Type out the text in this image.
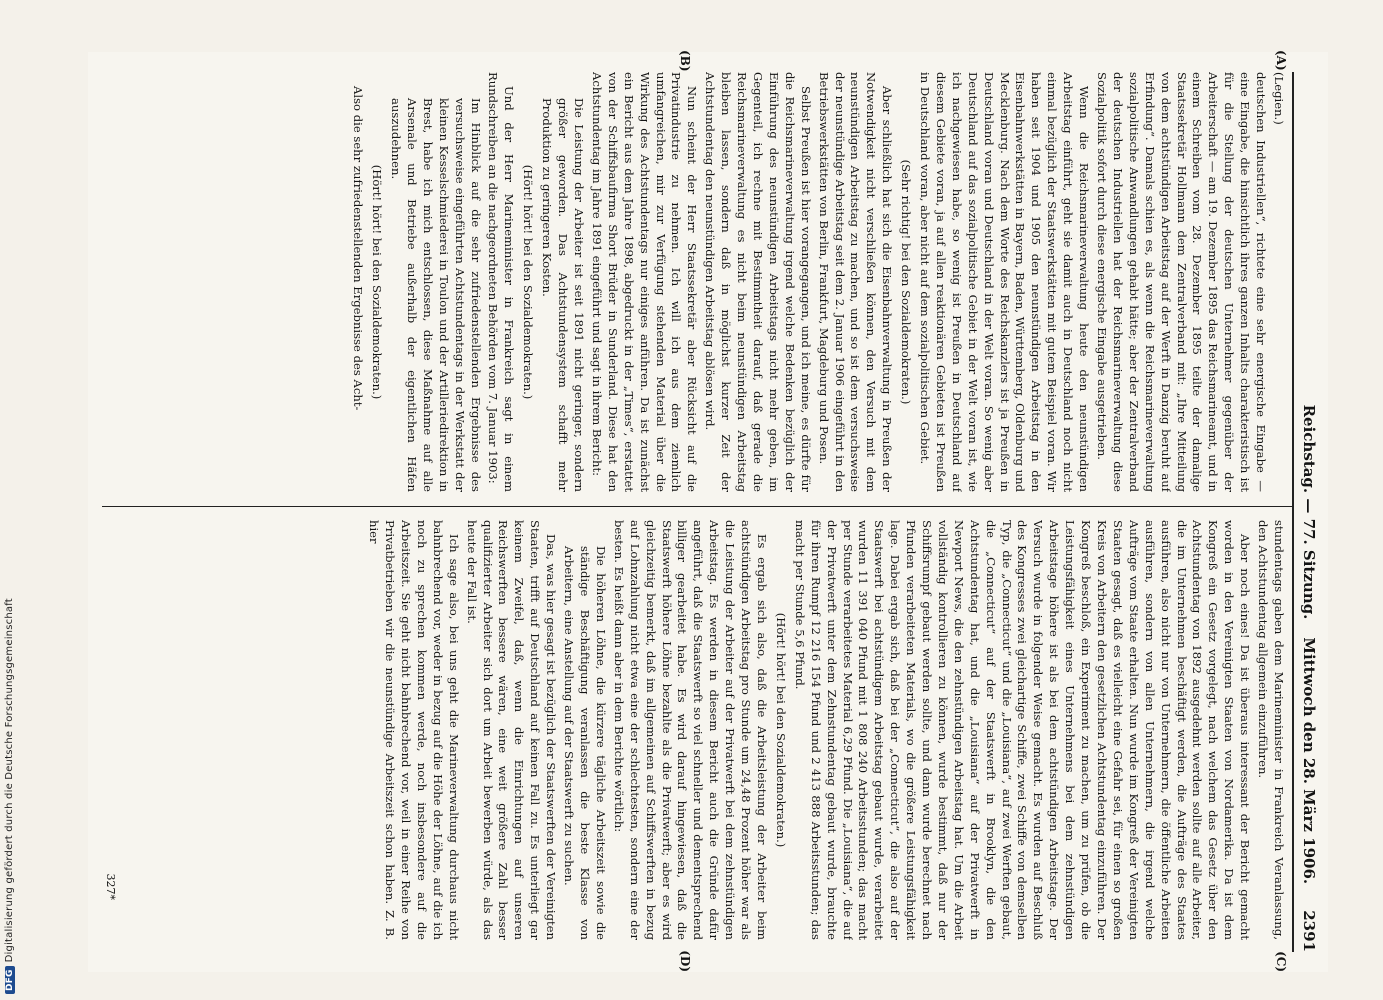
DFGDigitalisierung gefördert durch die Deutsche Forschungsgemeinschaft
Reichstag. — 77. Sitzung.
Mittwoch den 28. März 1906.     2391

(Legien.)

deutschen Industriellen“, richtete eine sehr energische Eingabe — eine Eingabe, die hinsichtlich ihres ganzen Inhalts charakteristisch ist für die Stellung der deutschen Unternehmer gegenüber der Arbeiterschaft — am 19. Dezember 1895 das Reichsmarineamt, und in einem Schreiben vom 28. Dezember 1895 teilte der damalige Staatssekretär Hollmann dem Zentralverband mit: „Ihre Mitteilung von dem achtstündigen Arbeitstag auf der Werft in Danzig beruht auf Erfindung“. Damals schien es, als wenn die Reichsmarineverwaltung sozialpolitische Anwandlungen gehabt hätte; aber der Zentralverband der deutschen Industriellen hat der Reichsmarineverwaltung diese Sozialpolitik sofort durch diese energische Eingabe ausgetrieben.

Wenn die Reichsmarineverwaltung heute den neunstündigen Arbeitstag einführt, geht sie damit auch in Deutschland noch nicht einmal bezüglich der Staatswerkstätten mit gutem Beispiel voran. Wir haben seit 1904 und 1905 den neunstündigen Arbeitstag in den Eisenbahnwerkstätten in Bayern, Baden, Württemberg, Oldenburg und Mecklenburg. Nach dem Worte des Reichskanzlers ist ja Preußen in Deutschland voran und Deutschland in der Welt voran. So wenig aber Deutschland auf das sozialpolitische Gebiet in der Welt voran ist, wie ich nachgewiesen habe, so wenig ist Preußen in Deutschland auf diesem Gebiete voran, ja auf allen reaktionären Gebieten ist Preußen in Deutschland voran, aber nicht auf dem sozialpolitischen Gebiet.

(Sehr richtig! bei den Sozialdemokraten.)

Aber schließlich hat sich die Eisenbahnverwaltung in Preußen der Notwendigkeit nicht verschließen können, den Versuch mit dem neunstündigen Arbeitstag zu machen, und so ist dem versuchsweise der neunstündige Arbeitstag seit dem 2. Januar 1906 eingeführt in den Betriebswerkstätten von Berlin, Frankfurt, Magdeburg und Posen.

Selbst Preußen ist hier vorangegangen, und ich meine, es dürfte für die Reichsmarineverwaltung irgend welche Bedenken bezüglich der Einführung des neunstündigen Arbeitstags nicht mehr geben, im Gegenteil, ich rechne mit Bestimmtheit darauf, daß gerade die Reichsmarineverwaltung es nicht beim neunstündigen Arbeitstag bleiben lassen, sondern daß in möglichst kurzer Zeit der Achtstundentag den neunstündigen Arbeitstag ablösen wird.

Nun scheint der Herr Staatssekretär aber Rücksicht auf die Privatindustrie zu nehmen. Ich will ich aus dem ziemlich umfangreichen, mir zur Verfügung stehenden Material über die Wirkung des Achtstundentags nur einiges anführen. Da ist zunächst ein Bericht aus dem Jahre 1898, abgedruckt in der „Times“, erstattet von der Schiffsbaufirma Short Brüder in Sunderland. Diese hat den Achtstundentag im Jahre 1891 eingeführt und sagt in ihrem Bericht:

Die Leistung der Arbeiter ist seit 1891 nicht geringer, sondern größer geworden. Das Achtstundensystem schafft mehr Produktion zu geringeren Kosten.

(Hört! hört! bei den Sozialdemokraten.)

Und der Herr Marineminister in Frankreich sagt in einem Rundschreiben an die nachgeordneten Behörden vom 7. Januar 1903:

Im Hinblick auf die sehr zufriedenstellenden Ergebnisse des versuchsweise eingeführten Achtstundentags in der Werkstatt der kleinen Kesselschmiederei in Toulon und der Artilleriedirektion in Brest, habe ich mich entschlossen, diese Maßnahme auf alle Arsenale und Betriebe außerhalb der eigentlichen Häfen auszudehnen.

(Hört! hört! bei den Sozialdemokraten.)

Also die sehr zufriedenstellenden Ergebnisse des Acht-

stundentags gaben dem Marineminister in Frankreich Veranlassung, den Achtstundentag allgemein einzuführen.

Aber noch eines! Da ist überaus interessant der Bericht gemacht worden in den Vereinigten Staaten von Nordamerika. Da ist dem Kongreß ein Gesetz vorgelegt, nach welchem das Gesetz über den Achtstundentag von 1892 ausgedehnt werden sollte auf alle Arbeiter, die im Unternehmen beschäftigt werden, die Aufträge des Staates ausführen, also nicht nur von Unternehmern, die öffentliche Arbeiten ausführen, sondern von allen Unternehmern, die irgend welche Aufträge vom Staate erhalten. Nun wurde im Kongreß der Vereinigten Staaten gesagt, daß es vielleicht eine Gefahr sei, für einen so großen Kreis von Arbeitern den gesetzlichen Achtstundentag einzuführen. Der Kongreß beschloß, ein Experiment zu machen, um zu prüfen, ob die Leistungsfähigkeit eines Unternehmens bei dem zehnstündigen Arbeitstage höhere ist als bei dem achtstündigen Arbeitstage. Der Versuch wurde in folgender Weise gemacht. Es wurden auf Beschluß des Kongresses zwei gleichartige Schiffe, zwei Schiffe von demselben Typ, die „Connecticut“ und die „Louisiana“, auf zwei Werften gebaut, die „Connecticut“ auf der Staatswerft in Brooklyn, die den Achtstundentag hat, und die „Louisiana“ auf der Privatwerft in Newport News, die den zehnstündigen Arbeitstag hat. Um die Arbeit vollständig kontrollieren zu können, wurde bestimmt, daß nur der Schiffsrumpf gebaut werden sollte, und dann wurde berechnet nach Pfunden verarbeiteten Materials, wo die größere Leistungsfähigkeit lage. Dabei ergab sich, daß bei der „Connecticut“, die also auf der Staatswerft bei achtstündigem Arbeitstag gebaut wurde, verarbeitet wurden 11 391 040 Pfund mit 1 808 240 Arbeitsstunden; das macht per Stunde verarbeitetes Material 6,29 Pfund. Die „Louisiana“, die auf der Privatwerft unter dem Zehnstundentag gebaut wurde, brauchte für ihren Rumpf 12 216 154 Pfund und 2 413 888 Arbeitsstunden; das macht per Stunde 5,6 Pfund.

(Hört! hört! bei den Sozialdemokraten.)

Es ergab sich also, daß die Arbeitsleistung der Arbeiter beim achtstündigen Arbeitstag pro Stunde um 24,48 Prozent höher war als die Leistung der Arbeiter auf der Privatwerft bei dem zehnstündigen Arbeitstag. Es werden in diesem Bericht auch die Gründe dafür angeführt, daß die Staatswerft so viel schneller und dementsprechend billiger gearbeitet habe. Es wird darauf hingewiesen, daß die Staatswerft höhere Löhne bezahlte als die Privatwerft; aber es wird gleichzeitig bemerkt, daß im allgemeinen auf Schiffswerften in bezug auf Lohnzahlung nicht etwa eine der schlechtesten, sondern eine der besten. Es heißt dann aber in dem Berichte wörtlich:

Die höheren Löhne, die kürzere tägliche Arbeitszeit sowie die ständige Beschäftigung veranlassen die beste Klasse von Arbeitern, eine Anstellung auf der Staatswerft zu suchen.

Das, was hier gesagt ist bezüglich der Staatswerften der Vereinigten Staaten, trifft auf Deutschland auf keinen Fall zu. Es unterliegt gar keinem Zweifel, daß, wenn die Einrichtungen auf unseren Reichswerften bessere wären, eine weit größere Zahl besser qualifizierter Arbeiter sich dort um Arbeit bewerben würde, als das heute der Fall ist.

Ich sage also, bei uns geht die Marineverwaltung durchaus nicht bahnbrechend vor, weder in bezug auf die Höhe der Löhne, auf die ich noch zu sprechen kommen werde, noch insbesondere auf die Arbeitszeit. Sie geht nicht bahnbrechend vor, weil in einer Reihe von Privatbetrieben wir die neunstündige Arbeitszeit schon haben. Z. B. hier

327*
(A)
(B)
(C)
(D)
